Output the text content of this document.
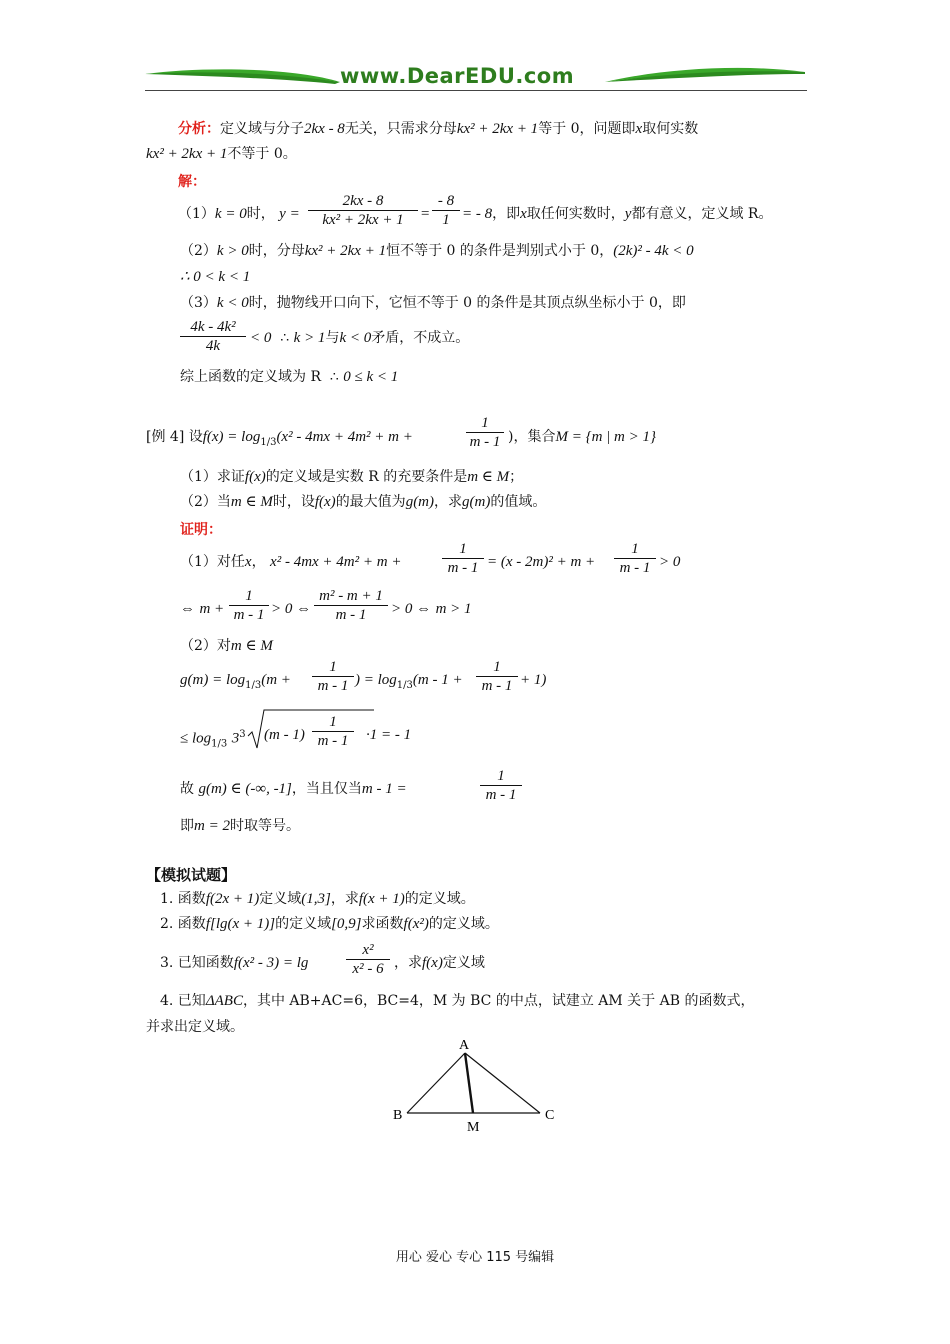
www.DearEDU.com
分析：定义域与分子2kx - 8无关，只需求分母kx² + 2kx + 1等于 0，问题即x取何实数
kx² + 2kx + 1不等于 0。
解：
（1）k = 0时， $y = \frac{2kx - 8}{\text{kx² + 2kx + 1}} = \frac{- 8}{1}$ = - 8，即x取任何实数时，y都有意义，定义域 R。
（2）k > 0时，分母kx² + 2kx + 1恒不等于 0 的条件是判别式小于 0，(2k)² - 4k < 0
∴ 0 < k < 1
（3）k < 0时，抛物线开口向下，它恒不等于 0 的条件是其顶点纵坐标小于 0，即
$\frac{\text{4k - 4k²}}{4k} < 0$ ∴ k > 1与k < 0矛盾，不成立。
综上函数的定义域为 R ∴ 0 ≤ k < 1
[例 4] 设$f(x) = \log_{1/3}(x^2 - 4mx + 4m^2 + m$ +	$\frac{1}{m - 1}$ )，集合M = {m | m > 1}
（1）求证f(x)的定义域是实数 R 的充要条件是m ∈ M；
（2）当m ∈ M时，设f(x)的最大值为g(m)，求g(m)的值域。
证明：
（1）对任x， x² - 4mx + 4m² + m +	$\frac{1}{m - 1} = (x - 2m)^2 + m + \frac{1}{m - 1} > 0$
⇔ $m + \frac{1}{m - 1} > 0$ ⇔ $\frac{\text{m² - m + 1}}{m - 1} > 0$ ⇔ m > 1
（2）对m ∈ M
$g(m) = \log_{1/3}(m + \frac{1}{m - 1}$ ) = $\log_{1/3}(m - 1 + \frac{1}{m - 1} + 1)$
≤ $\log_{1/3} 3^3$ $(m - 1) \frac{1}{m - 1} \cdot 1$ = - 1
故 g(m) ∈ (-∞, -1]，当且仅当m - 1 =	$\frac{1}{m - 1}$
即m = 2时取等号。
【模拟试题】
1. 函数f(2x + 1)定义域(1,3]，求f(x + 1)的定义域。
2. 函数f[lg(x + 1)]的定义域[0,9]求函数f(x²)的定义域。
3. 已知函数f(x² - 3) = lg	$\frac{\text{x²}}{\text{x² - 6}}$ ，求f(x)定义域
4. 已知ΔABC，其中 AB+AC=6，BC=4，M 为 BC 的中点，试建立 AM 关于 AB 的函数式，
并求出定义域。
A
B	C
M
用心 爱心 专心 115 号编辑
